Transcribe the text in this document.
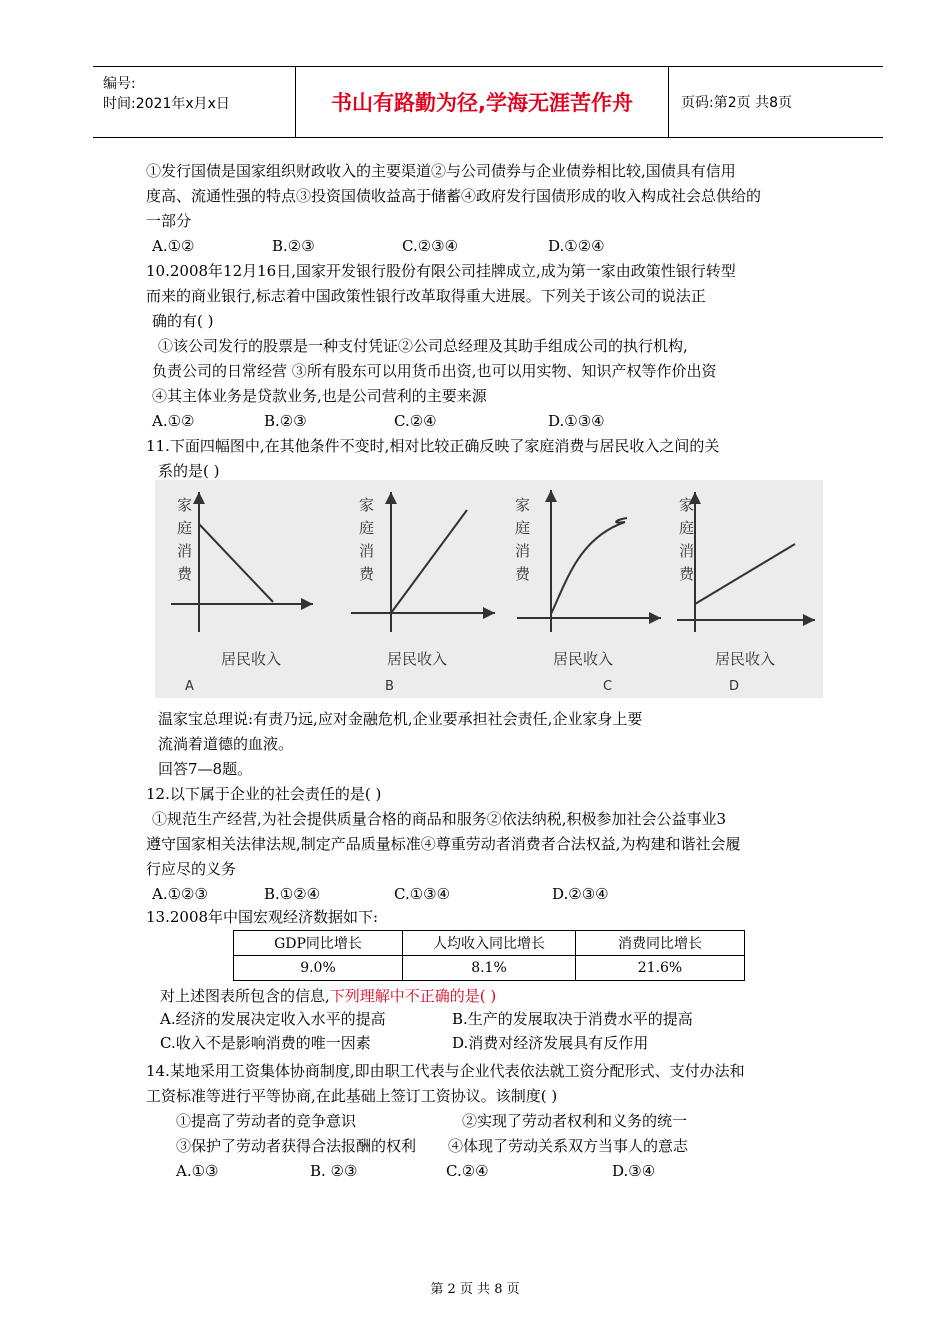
编号:
时间:2021年x月x日	书山有路勤为径,学海无涯苦作舟	页码:第2页 共8页
①发行国债是国家组织财政收入的主要渠道②与公司债券与企业债券相比较,国债具有信用
度高、流通性强的特点③投资国债收益高于储蓄④政府发行国债形成的收入构成社会总供给的
一部分
A.①②	B.②③	C.②③④	D.①②④
10.2008年12月16日,国家开发银行股份有限公司挂牌成立,成为第一家由政策性银行转型
而来的商业银行,标志着中国政策性银行改革取得重大进展。下列关于该公司的说法正
确的有( )
①该公司发行的股票是一种支付凭证②公司总经理及其助手组成公司的执行机构,
负责公司的日常经营 ③所有股东可以用货币出资,也可以用实物、知识产权等作价出资
④其主体业务是贷款业务,也是公司营利的主要来源
A.①②	B.②③	C.②④	D.①③④
11.下面四幅图中,在其他条件不变时,相对比较正确反映了家庭消费与居民收入之间的关
系的是( )
家
庭
消
费
家
庭
消
费
家
庭
消
费
家
庭
消
费
居民收入	居民收入	居民收入	居民收入
A	B	C	D
温家宝总理说:有责乃远,应对金融危机,企业要承担社会责任,企业家身上要
流淌着道德的血液。
回答7—8题。
12.以下属于企业的社会责任的是( )
①规范生产经营,为社会提供质量合格的商品和服务②依法纳税,积极参加社会公益事业3
遵守国家相关法律法规,制定产品质量标准④尊重劳动者消费者合法权益,为构建和谐社会履
行应尽的义务
A.①②③	B.①②④	C.①③④	D.②③④
13.2008年中国宏观经济数据如下:
GDP同比增长	人均收入同比增长	消费同比增长
9.0%	8.1%	21.6%
对上述图表所包含的信息,下列理解中不正确的是( )
A.经济的发展决定收入水平的提高	B.生产的发展取决于消费水平的提高
C.收入不是影响消费的唯一因素	D.消费对经济发展具有反作用
14.某地采用工资集体协商制度,即由职工代表与企业代表依法就工资分配形式、支付办法和
工资标准等进行平等协商,在此基础上签订工资协议。该制度( )
①提高了劳动者的竞争意识	②实现了劳动者权利和义务的统一
③保护了劳动者获得合法报酬的权利 ④体现了劳动关系双方当事人的意志
A.①③	B. ②③	C.②④	D.③④
第 2 页 共 8 页
